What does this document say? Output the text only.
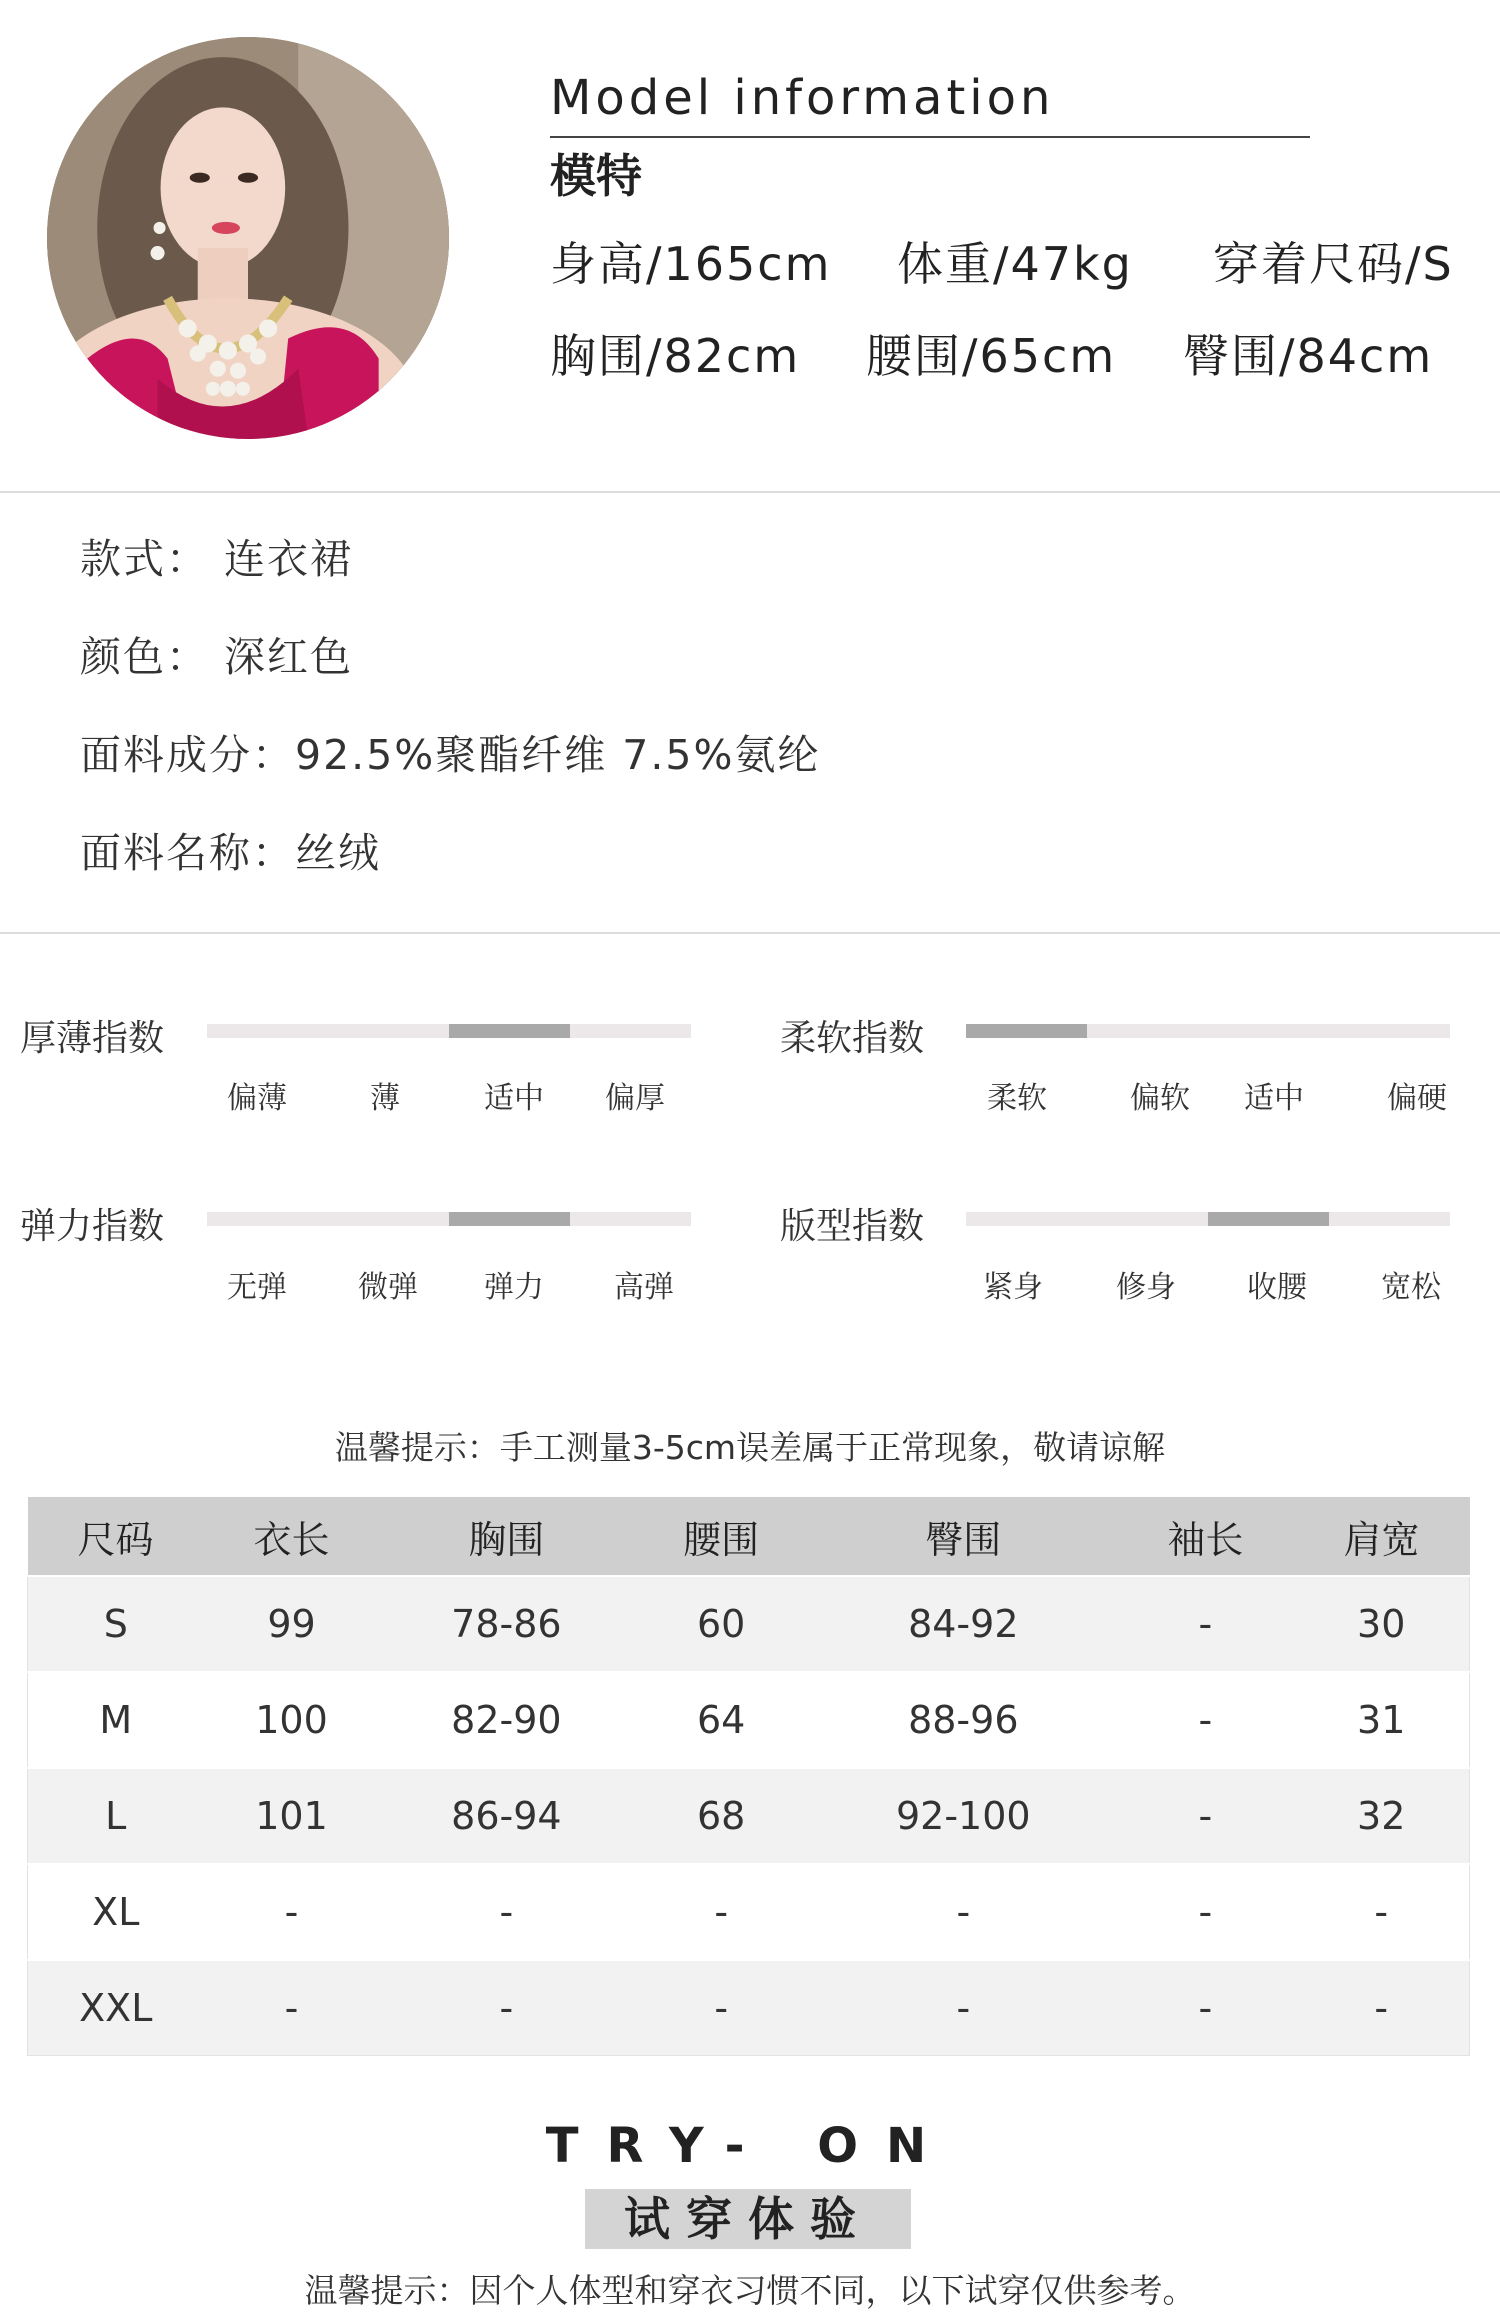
Model information
模特
身高/165cm 体重/47kg 穿着尺码/S
胸围/82cm 腰围/65cm 臀围/84cm
款式： 连衣裙
颜色： 深红色
面料成分：92.5%聚酯纤维 7.5%氨纶
面料名称：丝绒
厚薄指数
偏薄	薄	适中	偏厚
柔软指数
柔软	偏软	适中	偏硬
弹力指数
无弹	微弹	弹力	高弹
版型指数
紧身	修身	收腰	宽松
温馨提示：手工测量3-5cm误差属于正常现象，敬请谅解
尺码	衣长	胸围	腰围	臀围	袖长	肩宽
S	99	78-86	60	84-92	-	30
M	100	82-90	64	88-96	-	31
L	101	86-94	68	92-100	-	32
XL	-	-	-	-	-	-
XXL	-	-	-	-	-	-
TRY- ON
试穿体验
温馨提示：因个人体型和穿衣习惯不同，以下试穿仅供参考。
